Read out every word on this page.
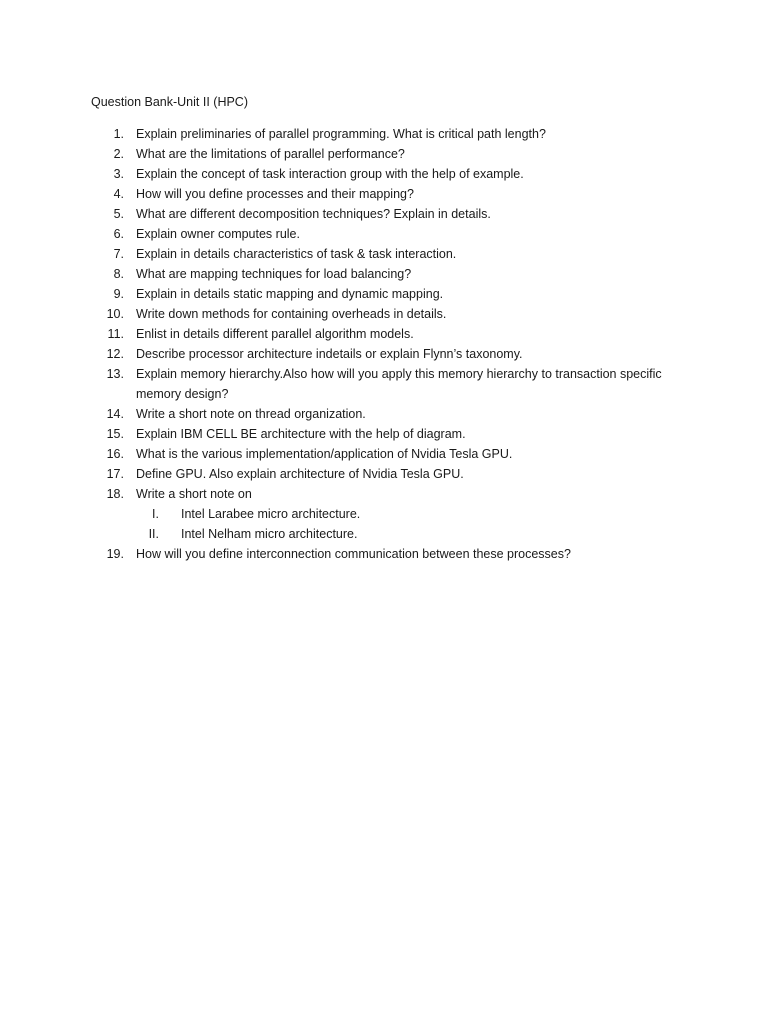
Question Bank-Unit II (HPC)
1. Explain preliminaries of parallel programming. What is critical path length?
2. What are the limitations of parallel performance?
3. Explain the concept of task interaction group with the help of example.
4. How will you define processes and their mapping?
5. What are different decomposition techniques? Explain in details.
6. Explain owner computes rule.
7. Explain in details characteristics of task & task interaction.
8. What are mapping techniques for load balancing?
9. Explain in details static mapping and dynamic mapping.
10. Write down methods for containing overheads in details.
11. Enlist in details different parallel algorithm models.
12. Describe processor architecture indetails or explain Flynn’s taxonomy.
13. Explain memory hierarchy.Also how will you apply this memory hierarchy to transaction specific memory design?
14. Write a short note on thread organization.
15. Explain IBM CELL BE architecture with the help of diagram.
16. What is the various implementation/application of Nvidia Tesla GPU.
17. Define GPU. Also explain architecture of Nvidia Tesla GPU.
18. Write a short note on
I. Intel Larabee micro architecture.
II. Intel Nelham micro architecture.
19. How will you define interconnection communication between these processes?
